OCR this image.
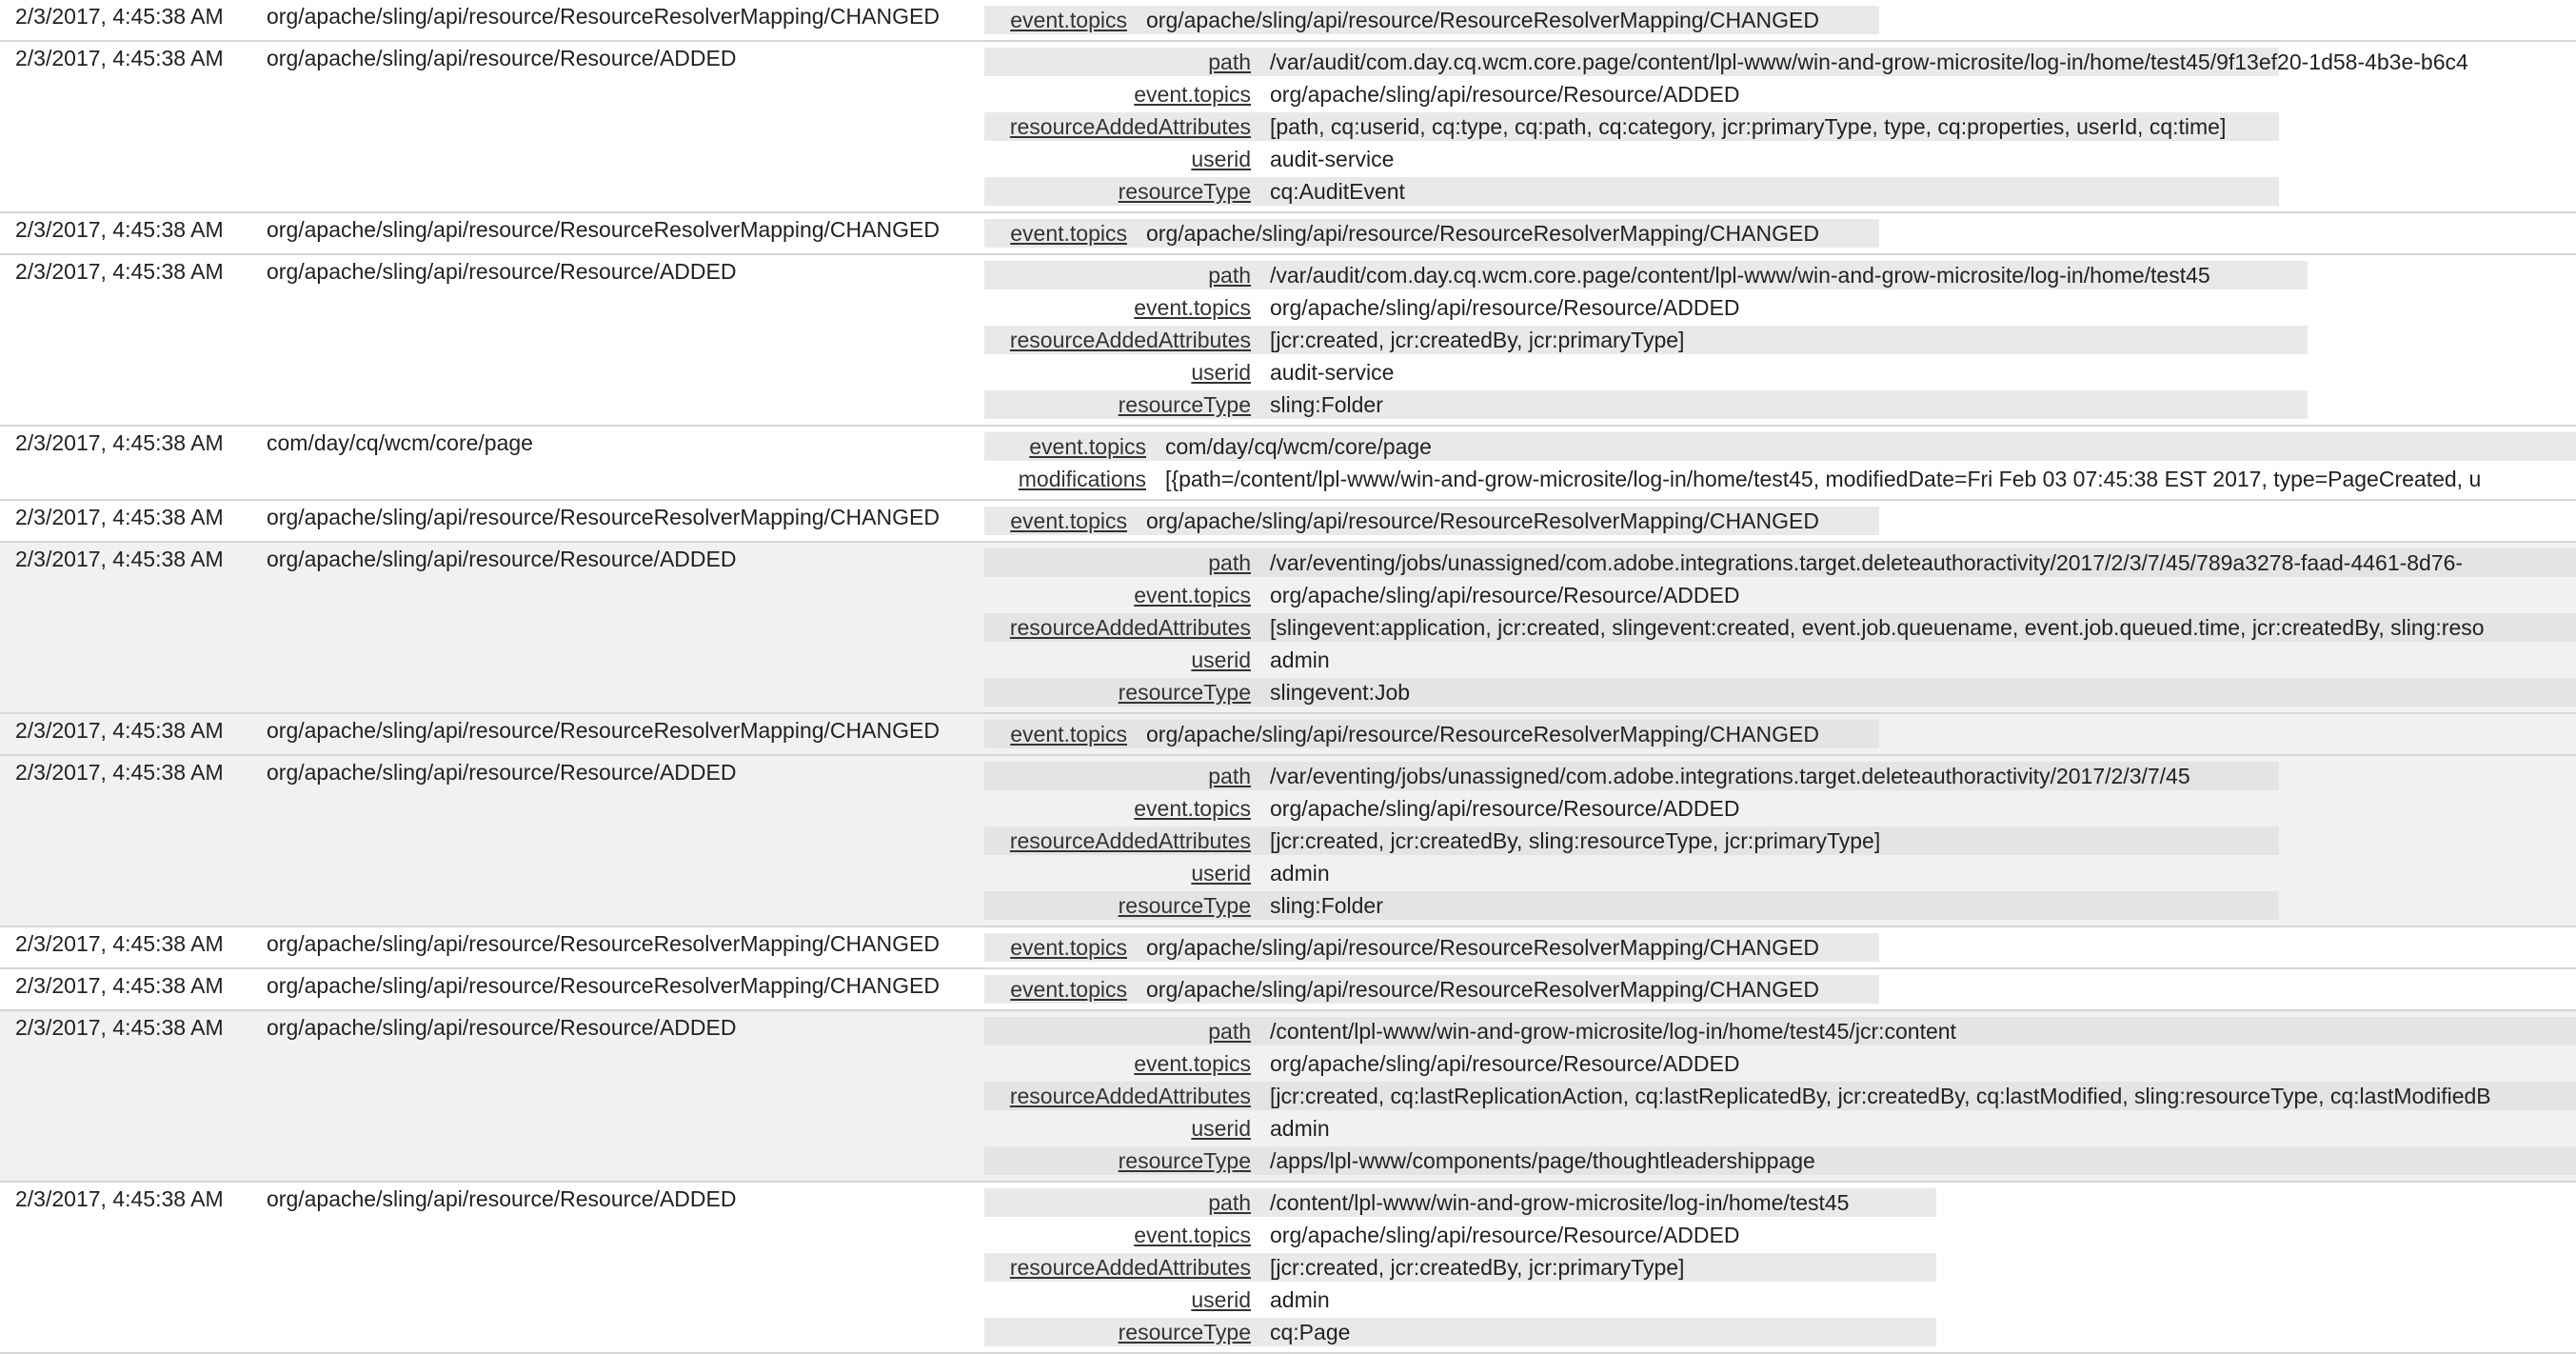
2/3/2017, 4:45:38 AM org/apache/sling/api/resource/ResourceResolverMapping/CHANGED	event.topics org/apache/sling/api/resource/ResourceResolverMapping/CHANGED
2/3/2017, 4:45:38 AM org/apache/sling/api/resource/Resource/ADDED	path /var/audit/com.day.cq.wcm.core.page/content/lpl-www/win-and-grow-microsite/log-in/home/test45/9f13ef20-1d58-4b3e-b6c4
event.topics org/apache/sling/api/resource/Resource/ADDED
resourceAddedAttributes [path, cq:userid, cq:type, cq:path, cq:category, jcr:primaryType, type, cq:properties, userId, cq:time]
userid audit-service
resourceType cq:AuditEvent
2/3/2017, 4:45:38 AM org/apache/sling/api/resource/ResourceResolverMapping/CHANGED	event.topics org/apache/sling/api/resource/ResourceResolverMapping/CHANGED
2/3/2017, 4:45:38 AM org/apache/sling/api/resource/Resource/ADDED	path /var/audit/com.day.cq.wcm.core.page/content/lpl-www/win-and-grow-microsite/log-in/home/test45
event.topics org/apache/sling/api/resource/Resource/ADDED
resourceAddedAttributes [jcr:created, jcr:createdBy, jcr:primaryType]
userid audit-service
resourceType sling:Folder
2/3/2017, 4:45:38 AM com/day/cq/wcm/core/page	event.topics com/day/cq/wcm/core/page
modifications [{path=/content/lpl-www/win-and-grow-microsite/log-in/home/test45, modifiedDate=Fri Feb 03 07:45:38 EST 2017, type=PageCreated, u
2/3/2017, 4:45:38 AM org/apache/sling/api/resource/ResourceResolverMapping/CHANGED	event.topics org/apache/sling/api/resource/ResourceResolverMapping/CHANGED
2/3/2017, 4:45:38 AM org/apache/sling/api/resource/Resource/ADDED	path /var/eventing/jobs/unassigned/com.adobe.integrations.target.deleteauthoractivity/2017/2/3/7/45/789a3278-faad-4461-8d76-
event.topics org/apache/sling/api/resource/Resource/ADDED
resourceAddedAttributes [slingevent:application, jcr:created, slingevent:created, event.job.queuename, event.job.queued.time, jcr:createdBy, sling:reso
userid admin
resourceType slingevent:Job
2/3/2017, 4:45:38 AM org/apache/sling/api/resource/ResourceResolverMapping/CHANGED	event.topics org/apache/sling/api/resource/ResourceResolverMapping/CHANGED
2/3/2017, 4:45:38 AM org/apache/sling/api/resource/Resource/ADDED	path /var/eventing/jobs/unassigned/com.adobe.integrations.target.deleteauthoractivity/2017/2/3/7/45
event.topics org/apache/sling/api/resource/Resource/ADDED
resourceAddedAttributes [jcr:created, jcr:createdBy, sling:resourceType, jcr:primaryType]
userid admin
resourceType sling:Folder
2/3/2017, 4:45:38 AM org/apache/sling/api/resource/ResourceResolverMapping/CHANGED	event.topics org/apache/sling/api/resource/ResourceResolverMapping/CHANGED
2/3/2017, 4:45:38 AM org/apache/sling/api/resource/ResourceResolverMapping/CHANGED	event.topics org/apache/sling/api/resource/ResourceResolverMapping/CHANGED
2/3/2017, 4:45:38 AM org/apache/sling/api/resource/Resource/ADDED	path /content/lpl-www/win-and-grow-microsite/log-in/home/test45/jcr:content
event.topics org/apache/sling/api/resource/Resource/ADDED
resourceAddedAttributes [jcr:created, cq:lastReplicationAction, cq:lastReplicatedBy, jcr:createdBy, cq:lastModified, sling:resourceType, cq:lastModifiedB
userid admin
resourceType /apps/lpl-www/components/page/thoughtleadershippage
2/3/2017, 4:45:38 AM org/apache/sling/api/resource/Resource/ADDED	path /content/lpl-www/win-and-grow-microsite/log-in/home/test45
event.topics org/apache/sling/api/resource/Resource/ADDED
resourceAddedAttributes [jcr:created, jcr:createdBy, jcr:primaryType]
userid admin
resourceType cq:Page
